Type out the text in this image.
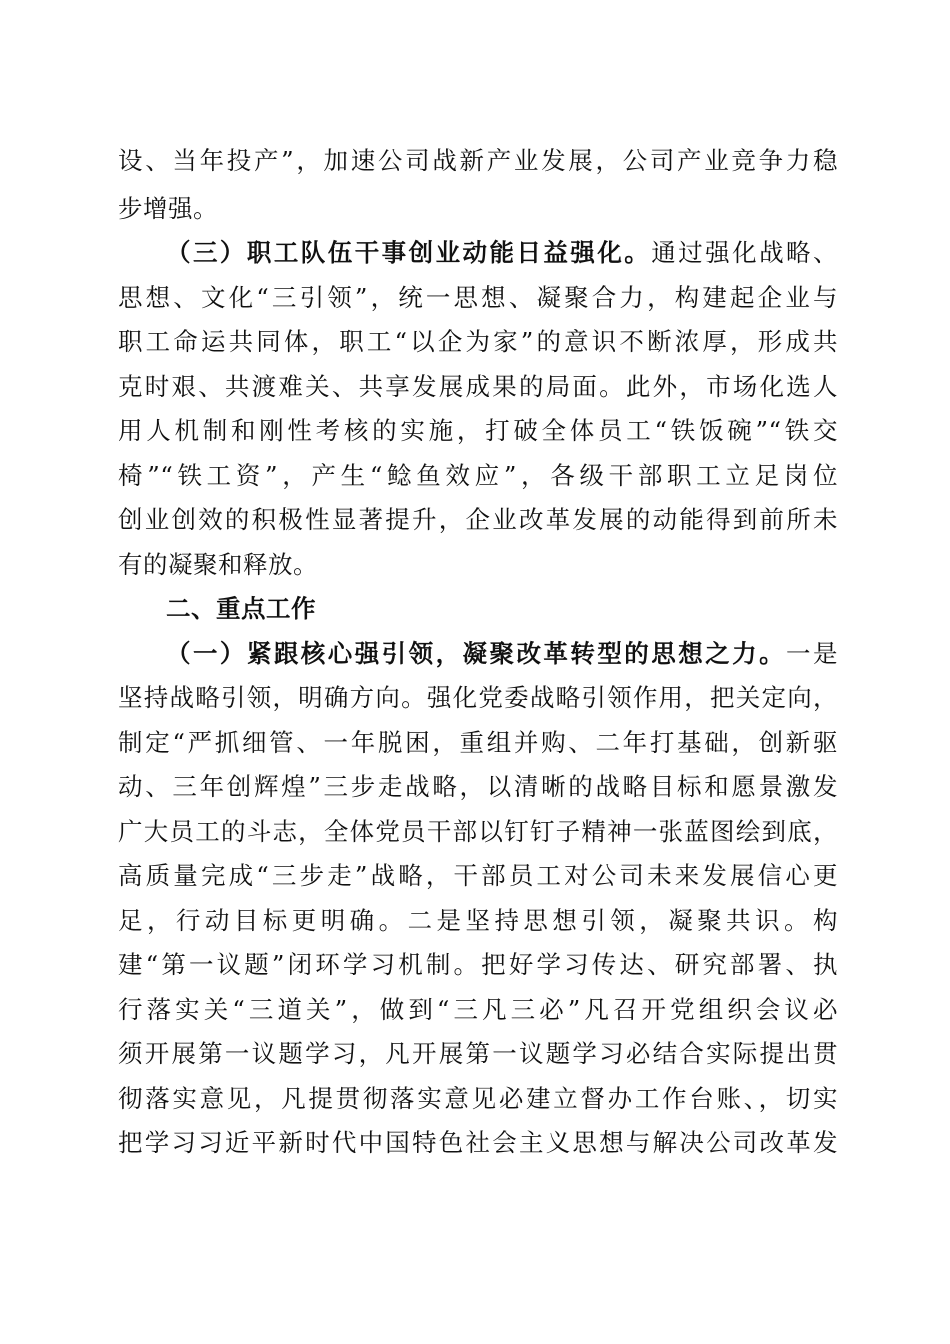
设、当年投产”，加速公司战新产业发展，公司产业竞争力稳
步增强。
（三）职工队伍干事创业动能日益强化。通过强化战略、
思想、文化“三引领”，统一思想、凝聚合力，构建起企业与
职工命运共同体，职工“以企为家”的意识不断浓厚，形成共
克时艰、共渡难关、共享发展成果的局面。此外，市场化选人
用人机制和刚性考核的实施，打破全体员工“铁饭碗”“铁交
椅”“铁工资”，产生“鲶鱼效应”，各级干部职工立足岗位
创业创效的积极性显著提升，企业改革发展的动能得到前所未
有的凝聚和释放。
二、重点工作
（一）紧跟核心强引领，凝聚改革转型的思想之力。一是
坚持战略引领，明确方向。强化党委战略引领作用，把关定向，
制定“严抓细管、一年脱困，重组并购、二年打基础，创新驱
动、三年创辉煌”三步走战略，以清晰的战略目标和愿景激发
广大员工的斗志，全体党员干部以钉钉子精神一张蓝图绘到底，
高质量完成“三步走”战略，干部员工对公司未来发展信心更
足，行动目标更明确。二是坚持思想引领，凝聚共识。构
建“第一议题”闭环学习机制。把好学习传达、研究部署、执
行落实关“三道关”，做到“三凡三必”凡召开党组织会议必
须开展第一议题学习，凡开展第一议题学习必结合实际提出贯
彻落实意见，凡提贯彻落实意见必建立督办工作台账、，切实
把学习习近平新时代中国特色社会主义思想与解决公司改革发
